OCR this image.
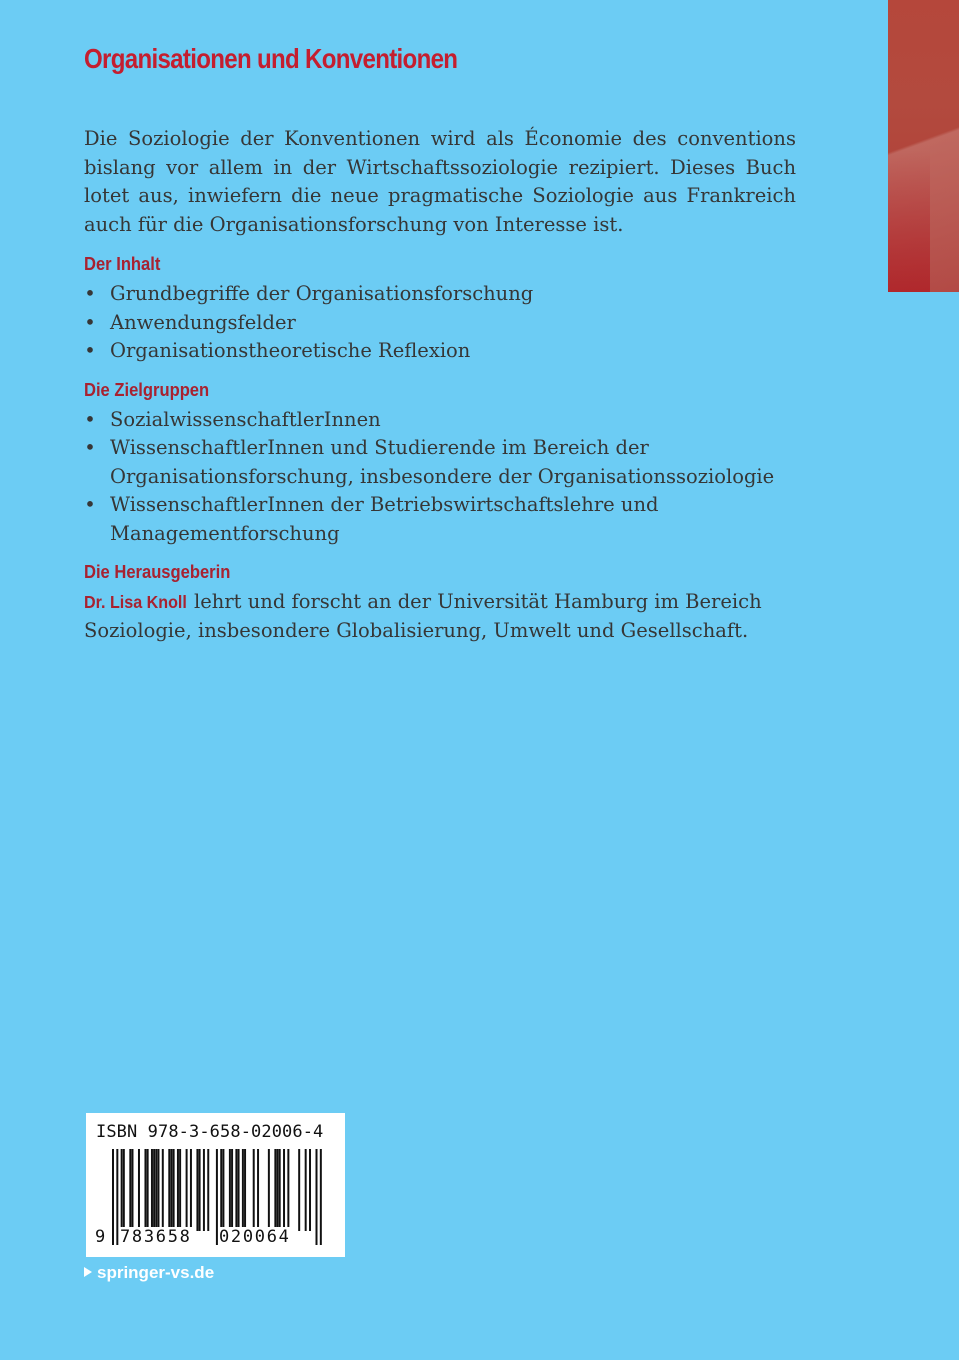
Organisationen und Konventionen

Die Soziologie der Konventionen wird als Économie des conventions bislang vor allem in der Wirtschaftssoziologie rezipiert. Dieses Buch lotet aus, inwiefern die neue pragmatische Soziologie aus Frankreich auch für die Organisationsforschung von Interesse ist.

Der Inhalt
• Grundbegriffe der Organisationsforschung
• Anwendungsfelder
• Organisationstheoretische Reflexion
Die Zielgruppen
• SozialwissenschaftlerInnen
• WissenschaftlerInnen und Studierende im Bereich der Organisationsforschung, insbesondere der Organisationssoziologie
• WissenschaftlerInnen der Betriebswirtschaftslehre und Managementforschung
Die Herausgeberin

Dr. Lisa Knoll lehrt und forscht an der Universität Hamburg im Bereich Soziologie, insbesondere Globalisierung, Umwelt und Gesellschaft.

ISBN 978-3-658-02006-4
9 783658 020064
springer-vs.de
